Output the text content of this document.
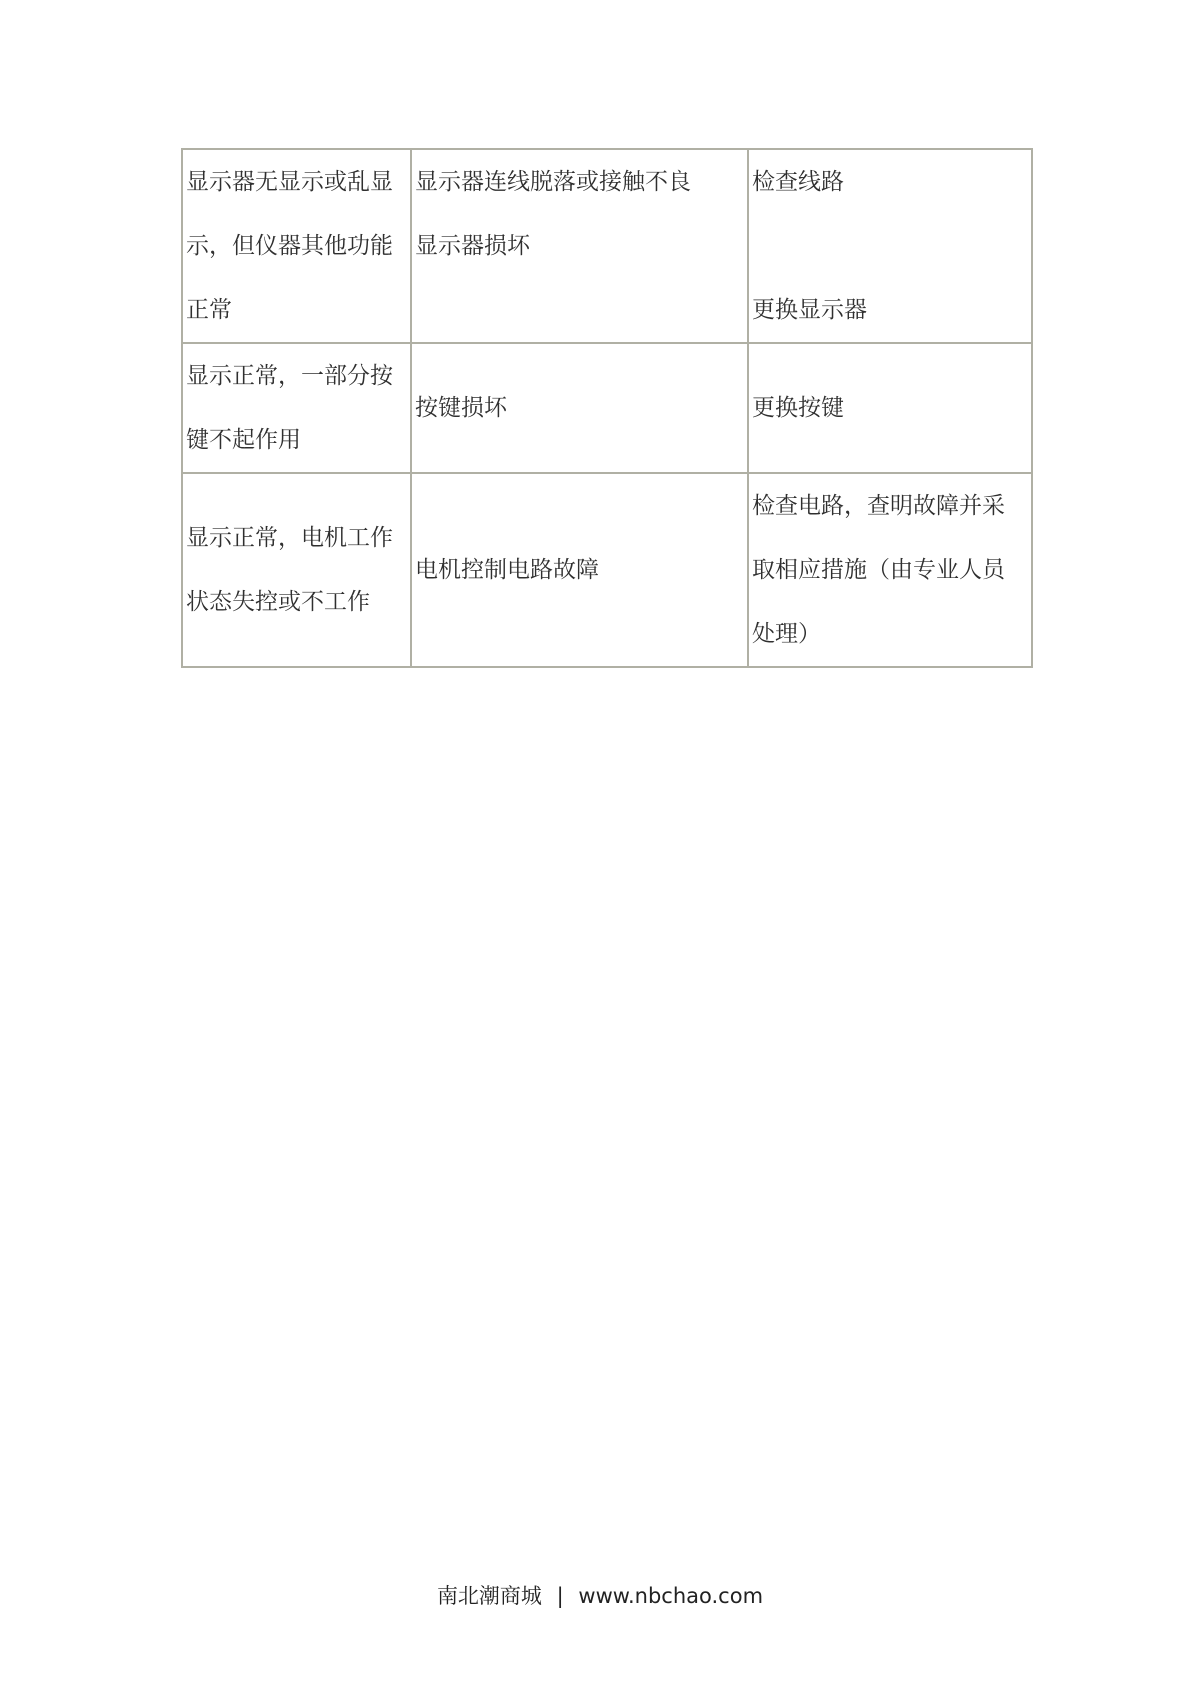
显示器无显示或乱显
示，但仪器其他功能
正常	显示器连线脱落或接触不良
显示器损坏	检查线路
更换显示器

显示正常，一部分按
键不起作用	按键损坏	更换按键

显示正常，电机工作
状态失控或不工作	电机控制电路故障	检查电路，查明故障并采
取相应措施（由专业人员
处理）
南北潮商城 | www.nbchao.com
